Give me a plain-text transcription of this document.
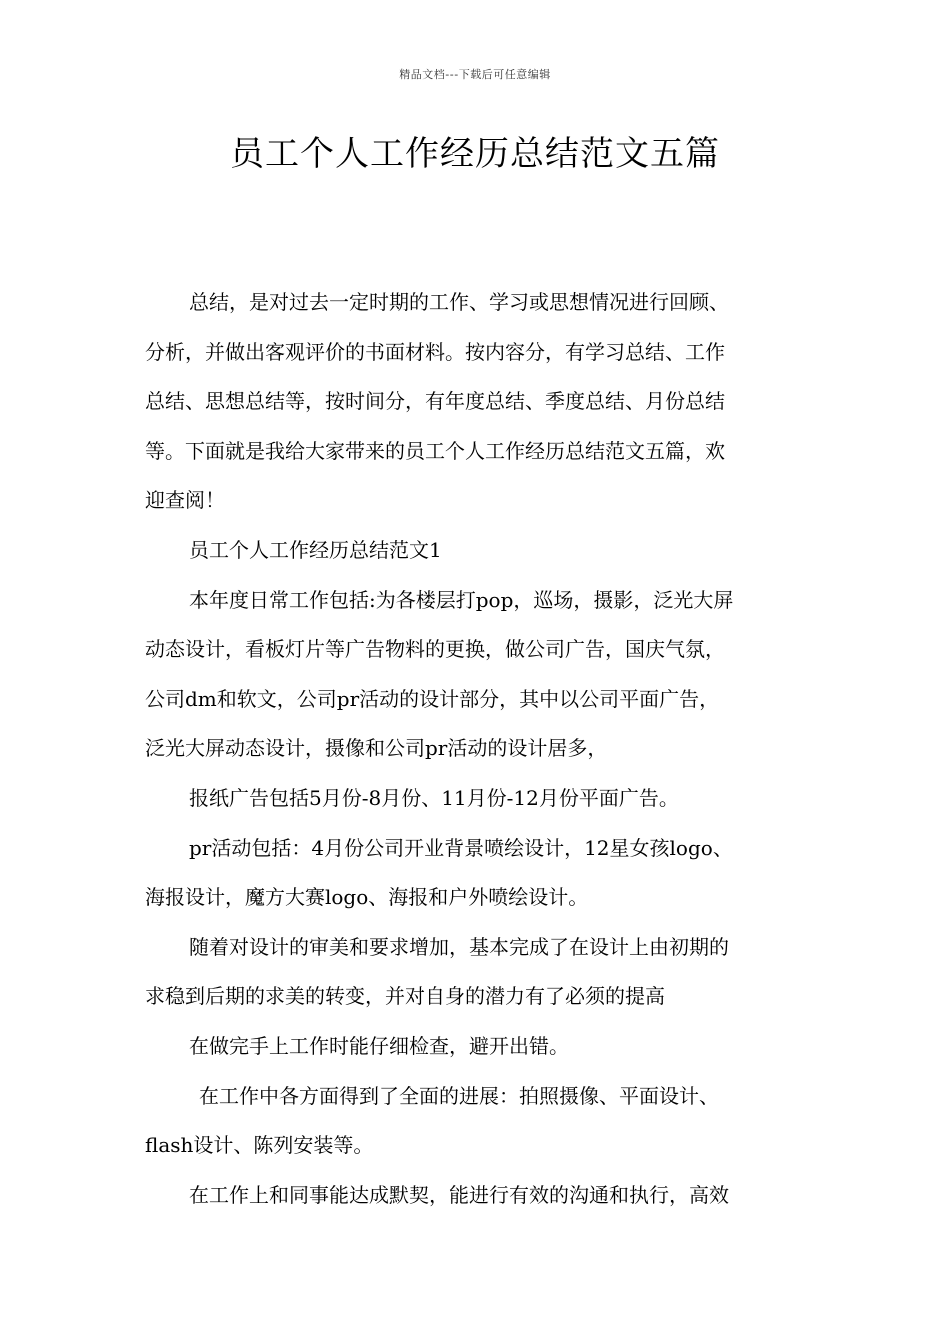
精品文档---下载后可任意编辑
员工个人工作经历总结范文五篇
总结，是对过去一定时期的工作、学习或思想情况进行回顾、
分析，并做出客观评价的书面材料。按内容分，有学习总结、工作
总结、思想总结等，按时间分，有年度总结、季度总结、月份总结
等。下面就是我给大家带来的员工个人工作经历总结范文五篇，欢
迎查阅！
员工个人工作经历总结范文1
本年度日常工作包括:为各楼层打pop，巡场，摄影，泛光大屏
动态设计，看板灯片等广告物料的更换，做公司广告，国庆气氛，
公司dm和软文，公司pr活动的设计部分，其中以公司平面广告，
泛光大屏动态设计，摄像和公司pr活动的设计居多，
报纸广告包括5月份-8月份、11月份-12月份平面广告。
pr活动包括：4月份公司开业背景喷绘设计，12星女孩logo、
海报设计，魔方大赛logo、海报和户外喷绘设计。
随着对设计的审美和要求增加，基本完成了在设计上由初期的
求稳到后期的求美的转变，并对自身的潜力有了必须的提高
在做完手上工作时能仔细检查，避开出错。
在工作中各方面得到了全面的进展：拍照摄像、平面设计、
flash设计、陈列安装等。
在工作上和同事能达成默契，能进行有效的沟通和执行，高效
